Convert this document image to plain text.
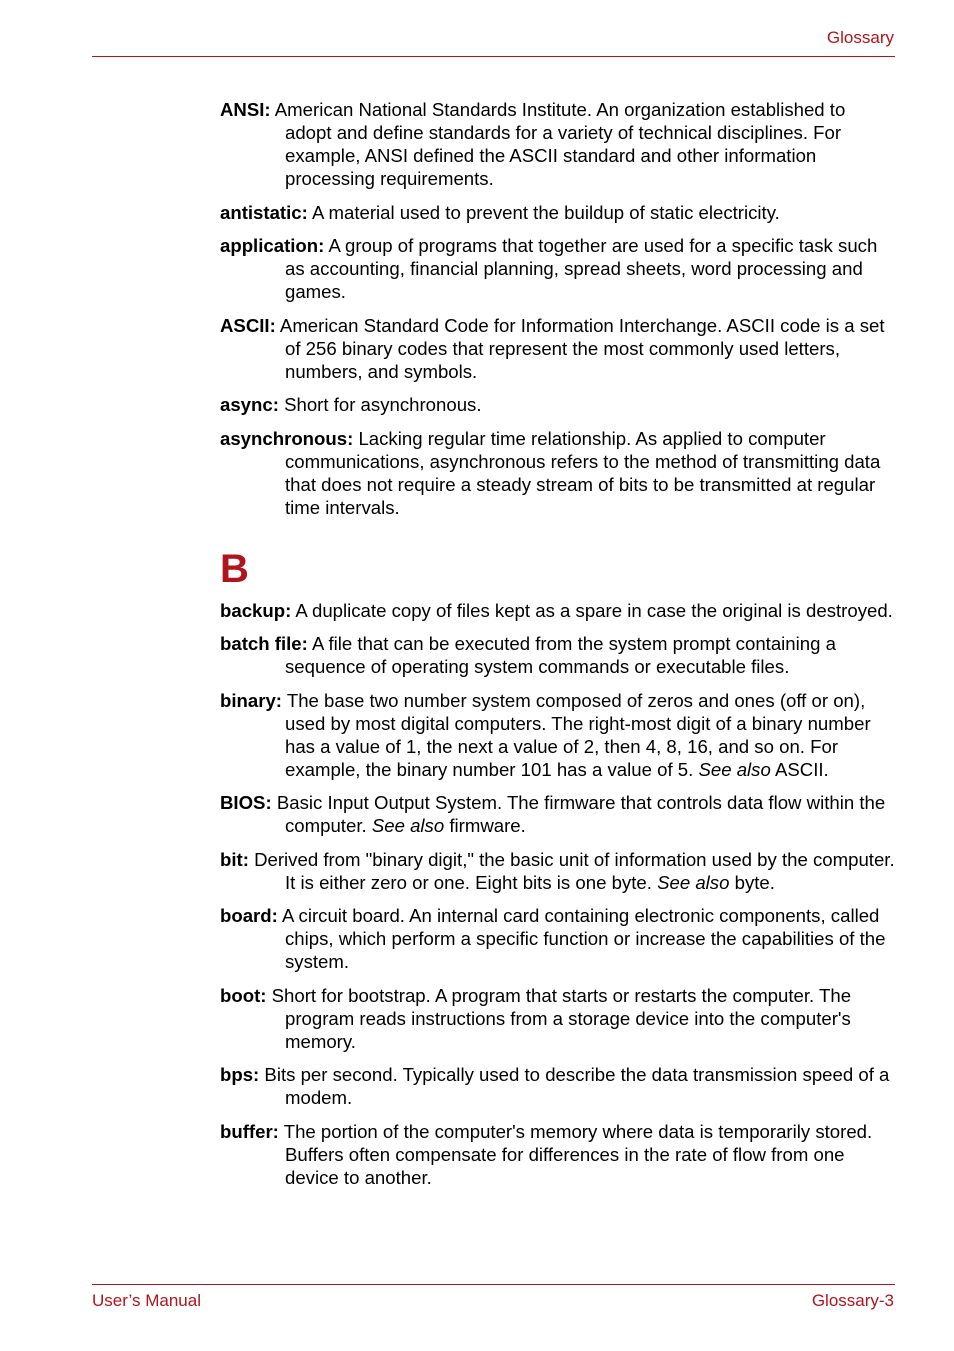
Glossary
ANSI: American National Standards Institute. An organization established to adopt and define standards for a variety of technical disciplines. For example, ANSI defined the ASCII standard and other information processing requirements.
antistatic: A material used to prevent the buildup of static electricity.
application: A group of programs that together are used for a specific task such as accounting, financial planning, spread sheets, word processing and games.
ASCII: American Standard Code for Information Interchange. ASCII code is a set of 256 binary codes that represent the most commonly used letters, numbers, and symbols.
async: Short for asynchronous.
asynchronous: Lacking regular time relationship. As applied to computer communications, asynchronous refers to the method of transmitting data that does not require a steady stream of bits to be transmitted at regular time intervals.
B
backup: A duplicate copy of files kept as a spare in case the original is destroyed.
batch file: A file that can be executed from the system prompt containing a sequence of operating system commands or executable files.
binary: The base two number system composed of zeros and ones (off or on), used by most digital computers. The right-most digit of a binary number has a value of 1, the next a value of 2, then 4, 8, 16, and so on. For example, the binary number 101 has a value of 5. See also ASCII.
BIOS: Basic Input Output System. The firmware that controls data flow within the computer. See also firmware.
bit: Derived from "binary digit," the basic unit of information used by the computer. It is either zero or one. Eight bits is one byte. See also byte.
board: A circuit board. An internal card containing electronic components, called chips, which perform a specific function or increase the capabilities of the system.
boot: Short for bootstrap. A program that starts or restarts the computer. The program reads instructions from a storage device into the computer's memory.
bps: Bits per second. Typically used to describe the data transmission speed of a modem.
buffer: The portion of the computer's memory where data is temporarily stored. Buffers often compensate for differences in the rate of flow from one device to another.
User’s Manual	Glossary-3
